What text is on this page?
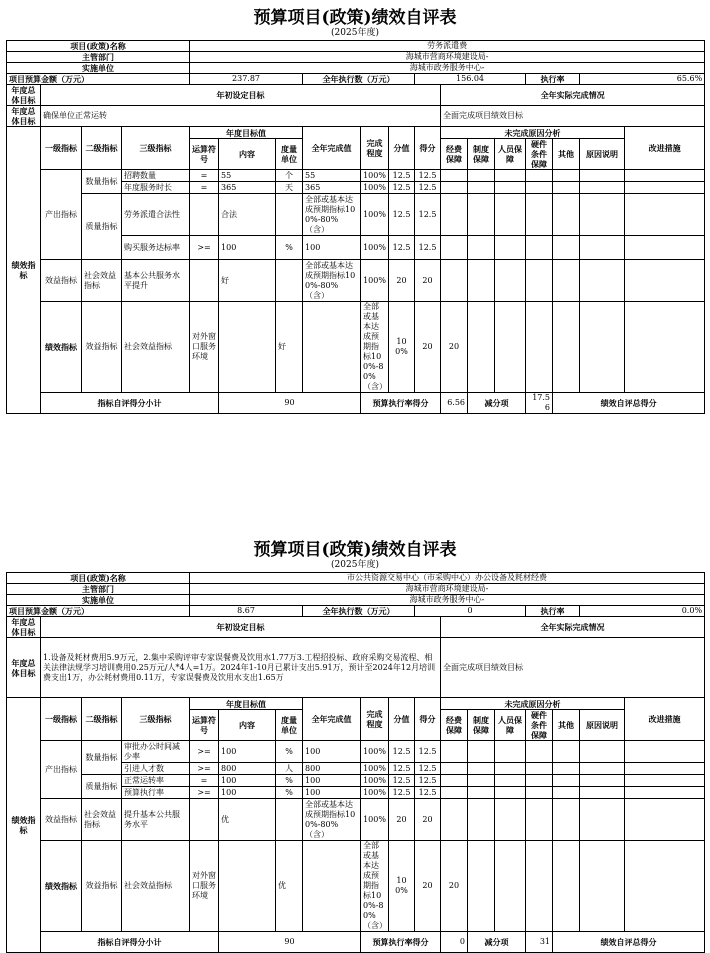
预算项目(政策)绩效自评表
(2025年度)
项目(政策)名称				劳务派遣费														
主管部门				海城市营商环境建设局-														
实施单位				海城市政务服务中心-														
项目预算金额（万元）				237.87			全年执行数（万元）			156.04				执行率		65.6%		
年度总体目标	年初设定目标										全年实际完成情况							
年度总体目标	确保单位正常运转										全面完成项目绩效目标							
绩效指标	一级指标	二级指标	三级指标	年度目标值			全年完成值	完成程度	分值	得分	未完成原因分析						改进措施	
				运算符号	内容	度量单位					经费保障	制度保障	人员保障	硬件条件保障	其他	原因说明		
	产出指标	数量指标	招聘数量	=	55	个	55	100%	12.5	12.5								
			年度服务时长	=	365	天	365	100%	12.5	12.5								
		质量指标	劳务派遣合法性		合法		全部或基本达成预期指标100%-80%（含）	100%	12.5	12.5								
			购买服务达标率	>=	100	%	100	100%	12.5	12.5								
	效益指标	社会效益指标	基本公共服务水平提升		好		全部或基本达成预期指标100%-80%（含）	100%	20	20								
	绩效指标	效益指标	社会效益指标	对外窗口服务环境		好		全部或基本达成预期指标100%-80%（含）	100%	20	20							
	指标自评得分小计				90			预算执行率得分			6.56	减分项		17.56	绩效自评总得分	
预算项目(政策)绩效自评表
(2025年度)
项目(政策)名称				市公共资源交易中心（市采购中心）办公设备及耗材经费														
主管部门				海城市营商环境建设局-														
实施单位				海城市政务服务中心-														
项目预算金额（万元）				8.67			全年执行数（万元）			0				执行率		0.0%		
年度总体目标	年初设定目标										全年实际完成情况							
年度总体目标	1.设备及耗材费用5.9万元，2.集中采购评审专家误餐费及饮用水1.77万3.工程招投标、政府采购交易流程、相关法律法规学习培训费用0.25万元/人*4人=1万。2024年1-10月已累计支出5.91万，预计至2024年12月培训费支出1万，办公耗材费用0.11万，专家误餐费及饮用水支出1.65万										全面完成项目绩效目标							
绩效指标	一级指标	二级指标	三级指标	年度目标值			全年完成值	完成程度	分值	得分	未完成原因分析						改进措施	
				运算符号	内容	度量单位					经费保障	制度保障	人员保障	硬件条件保障	其他	原因说明		
	产出指标	数量指标	审批办公时间减少率	>=	100	%	100	100%	12.5	12.5								
			引进人才数	>=	800	人	800	100%	12.5	12.5								
		质量指标	正常运转率	=	100	%	100	100%	12.5	12.5								
			预算执行率	>=	100	%	100	100%	12.5	12.5								
	效益指标	社会效益指标	提升基本公共服务水平		优		全部或基本达成预期指标100%-80%（含）	100%	20	20								
	绩效指标	效益指标	社会效益指标	对外窗口服务环境		优		全部或基本达成预期指标100%-80%（含）	100%	20	20							
	指标自评得分小计				90			预算执行率得分			0	减分项		31	绩效自评总得分	
